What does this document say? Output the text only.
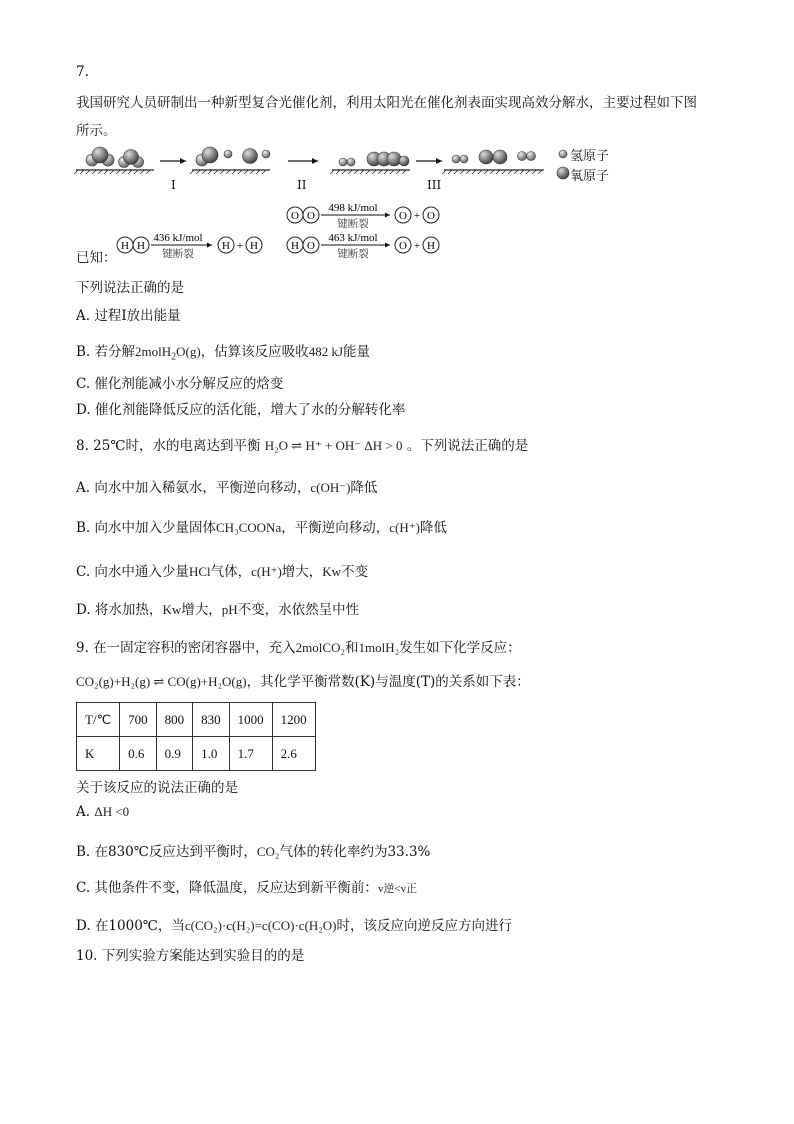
7.
我国研究人员研制出一种新型复合光催化剂，利用太阳光在催化剂表面实现高效分解水，主要过程如下图
所示。
I	II	III
氢原子
氧原子
已知：
H H
436 kJ/mol
键断裂
H + H
O O
498 kJ/mol
键断裂
O + O
H O
463 kJ/mol
键断裂
O + H
下列说法正确的是
A. 过程I放出能量
B. 若分解2molH$_2$O(g)，估算该反应吸收482 kJ能量
C. 催化剂能减小水分解反应的焓变
D. 催化剂能降低反应的活化能，增大了水的分解转化率
8. 25℃时，水的电离达到平衡 H₂O ⇌ H⁺ + OH⁻ ΔH > 0 。下列说法正确的是
A. 向水中加入稀氨水，平衡逆向移动，c(OH⁻)降低
B. 向水中加入少量固体CH₃COONa，平衡逆向移动，c(H⁺)降低
C. 向水中通入少量HCl气体，c(H⁺)增大，Kw不变
D. 将水加热，Kw增大，pH不变，水依然呈中性
9. 在一固定容积的密闭容器中，充入2molCO₂和1molH₂发生如下化学反应：
CO₂(g)+H₂(g) ⇌ CO(g)+H₂O(g)，其化学平衡常数(K)与温度(T)的关系如下表：
T/℃	700	800	830	1000	1200
K	0.6	0.9	1.0	1.7	2.6
关于该反应的说法正确的是
A. ΔH <0
B. 在830℃反应达到平衡时，CO₂气体的转化率约为33.3%
C. 其他条件不变，降低温度，反应达到新平衡前：v逆<v正
D. 在1000℃，当c(CO₂)·c(H₂)=c(CO)·c(H₂O)时，该反应向逆反应方向进行
10. 下列实验方案能达到实验目的的是
